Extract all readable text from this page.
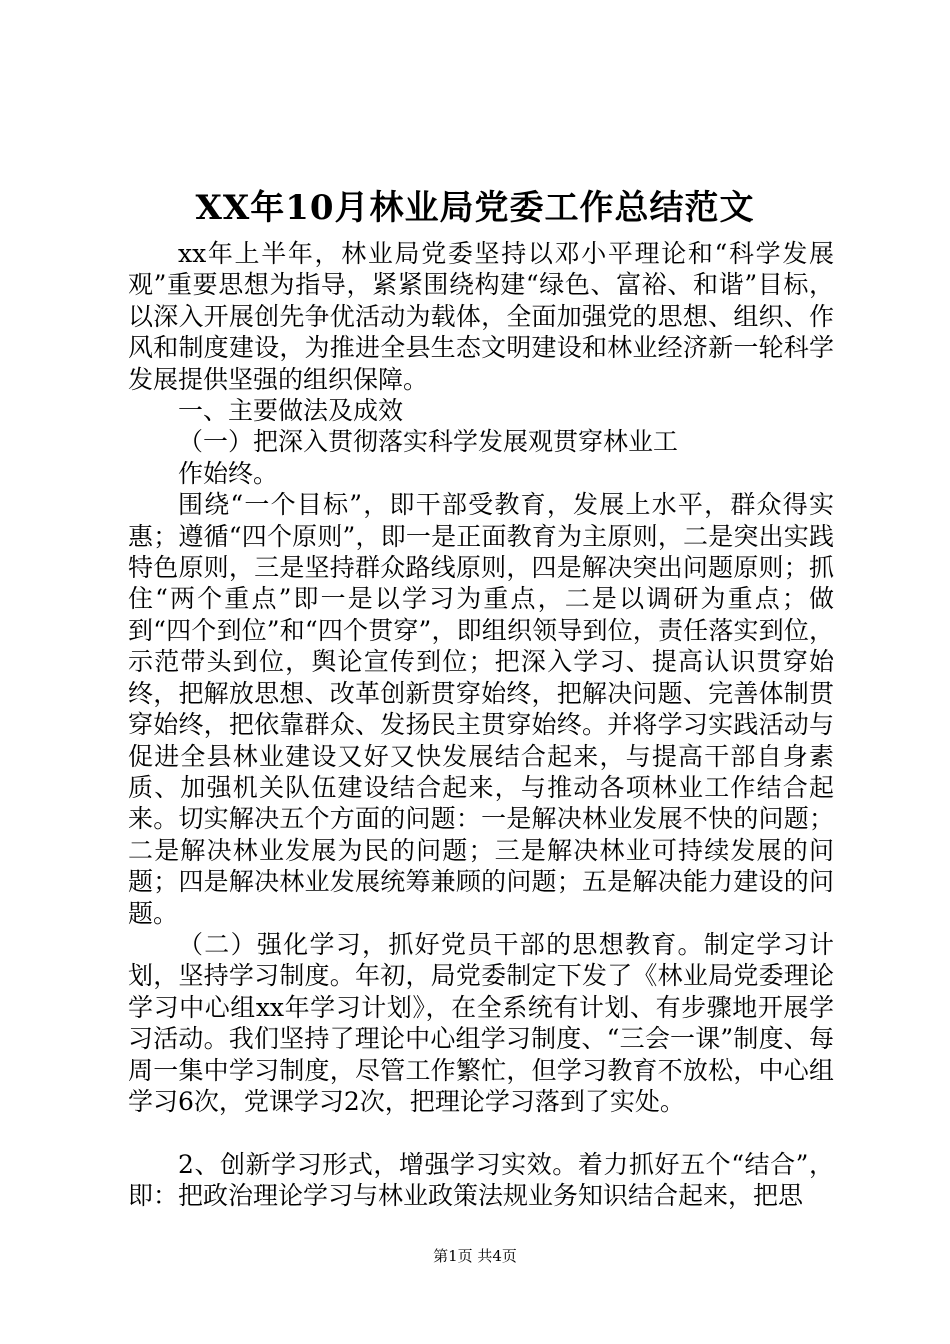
XX年10月林业局党委工作总结范文

xx年上半年，林业局党委坚持以邓小平理论和“科学发展观”重要思想为指导，紧紧围绕构建“绿色、富裕、和谐”目标，以深入开展创先争优活动为载体，全面加强党的思想、组织、作风和制度建设，为推进全县生态文明建设和林业经济新一轮科学发展提供坚强的组织保障。

一、主要做法及成效

（一）把深入贯彻落实科学发展观贯穿林业工

作始终。

围绕“一个目标”，即干部受教育，发展上水平，群众得实惠；遵循“四个原则”，即一是正面教育为主原则，二是突出实践特色原则，三是坚持群众路线原则，四是解决突出问题原则；抓住“两个重点”即一是以学习为重点，二是以调研为重点；做到“四个到位”和“四个贯穿”，即组织领导到位，责任落实到位，示范带头到位，舆论宣传到位；把深入学习、提高认识贯穿始终，把解放思想、改革创新贯穿始终，把解决问题、完善体制贯穿始终，把依靠群众、发扬民主贯穿始终。并将学习实践活动与促进全县林业建设又好又快发展结合起来，与提高干部自身素质、加强机关队伍建设结合起来，与推动各项林业工作结合起来。切实解决五个方面的问题：一是解决林业发展不快的问题；二是解决林业发展为民的问题；三是解决林业可持续发展的问题；四是解决林业发展统筹兼顾的问题；五是解决能力建设的问题。

（二）强化学习，抓好党员干部的思想教育。制定学习计划，坚持学习制度。年初，局党委制定下发了《林业局党委理论学习中心组xx年学习计划》，在全系统有计划、有步骤地开展学习活动。我们坚持了理论中心组学习制度、“三会一课”制度、每周一集中学习制度，尽管工作繁忙，但学习教育不放松，中心组学习6次，党课学习2次，把理论学习落到了实处。

2、创新学习形式，增强学习实效。着力抓好五个“结合”，即：把政治理论学习与林业政策法规业务知识结合起来，把思

第1页 共4页
